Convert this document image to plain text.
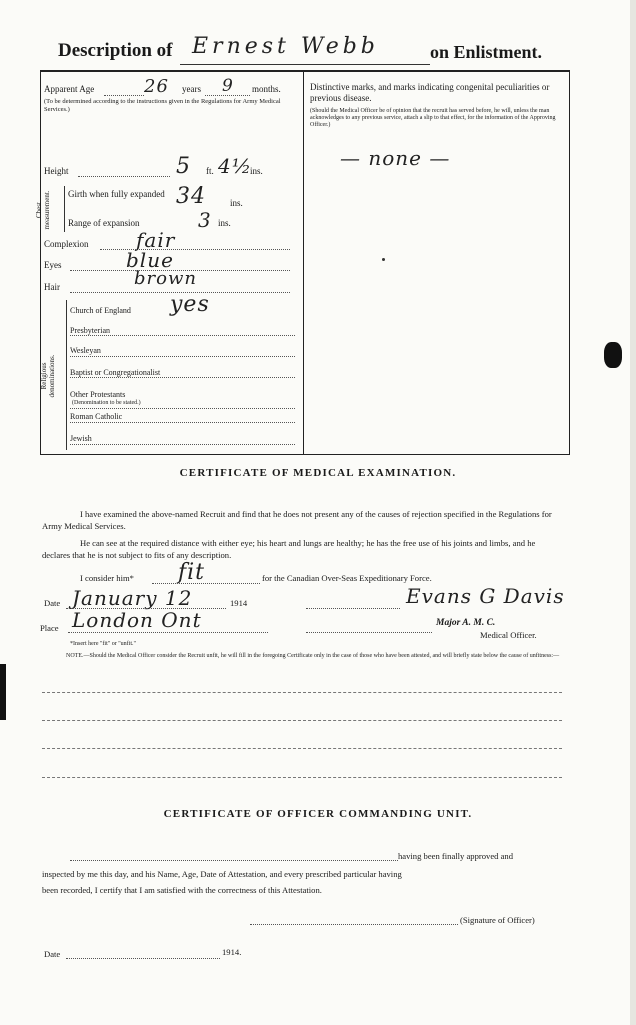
Description of Ernest Webb	on Enlistment.
Apparent Age	26 years 9 months.
(To be determined according to the instructions given in the Regulations for Army Medical Services.)
Height	5 ft. 4½
ins.
Chest measurement.	Girth when fully expanded 34	ins.
Range of expansion	3 ins.
Complexion fair
Eyes	blue
Hair	brown
Religious denominations.
Church of England yes
Presbyterian
Wesleyan
Baptist or Congregationalist
Other Protestants
(Denomination to be stated.)
Roman Catholic
Jewish
Distinctive marks, and marks indicating congenital peculiarities or previous disease.
(Should the Medical Officer be of opinion that the recruit has served before, he will, unless the man acknowledges to any previous service, attach a slip to that effect, for the information of the Approving Officer.)
— none —
CERTIFICATE OF MEDICAL EXAMINATION.
I have examined the above-named Recruit and find that he does not present any of the causes of rejection specified in the Regulations for Army Medical Services.
He can see at the required distance with either eye; his heart and lungs are healthy; he has the free use of his joints and limbs, and he declares that he is not subject to fits of any description.
I consider him* fit	for the Canadian Over-Seas Expeditionary Force.
Date January 12	1914	Evans G Davis
Place London Ont	Major A. M. C.
Medical Officer.
*Insert here "fit" or "unfit."
NOTE.—Should the Medical Officer consider the Recruit unfit, he will fill in the foregoing Certificate only in the case of those who have been attested, and will briefly state below the cause of unfitness:—
CERTIFICATE OF OFFICER COMMANDING UNIT.
having been finally approved and
inspected by me this day, and his Name, Age, Date of Attestation, and every prescribed particular having
been recorded, I certify that I am satisfied with the correctness of this Attestation.
(Signature of Officer)
Date	1914.
